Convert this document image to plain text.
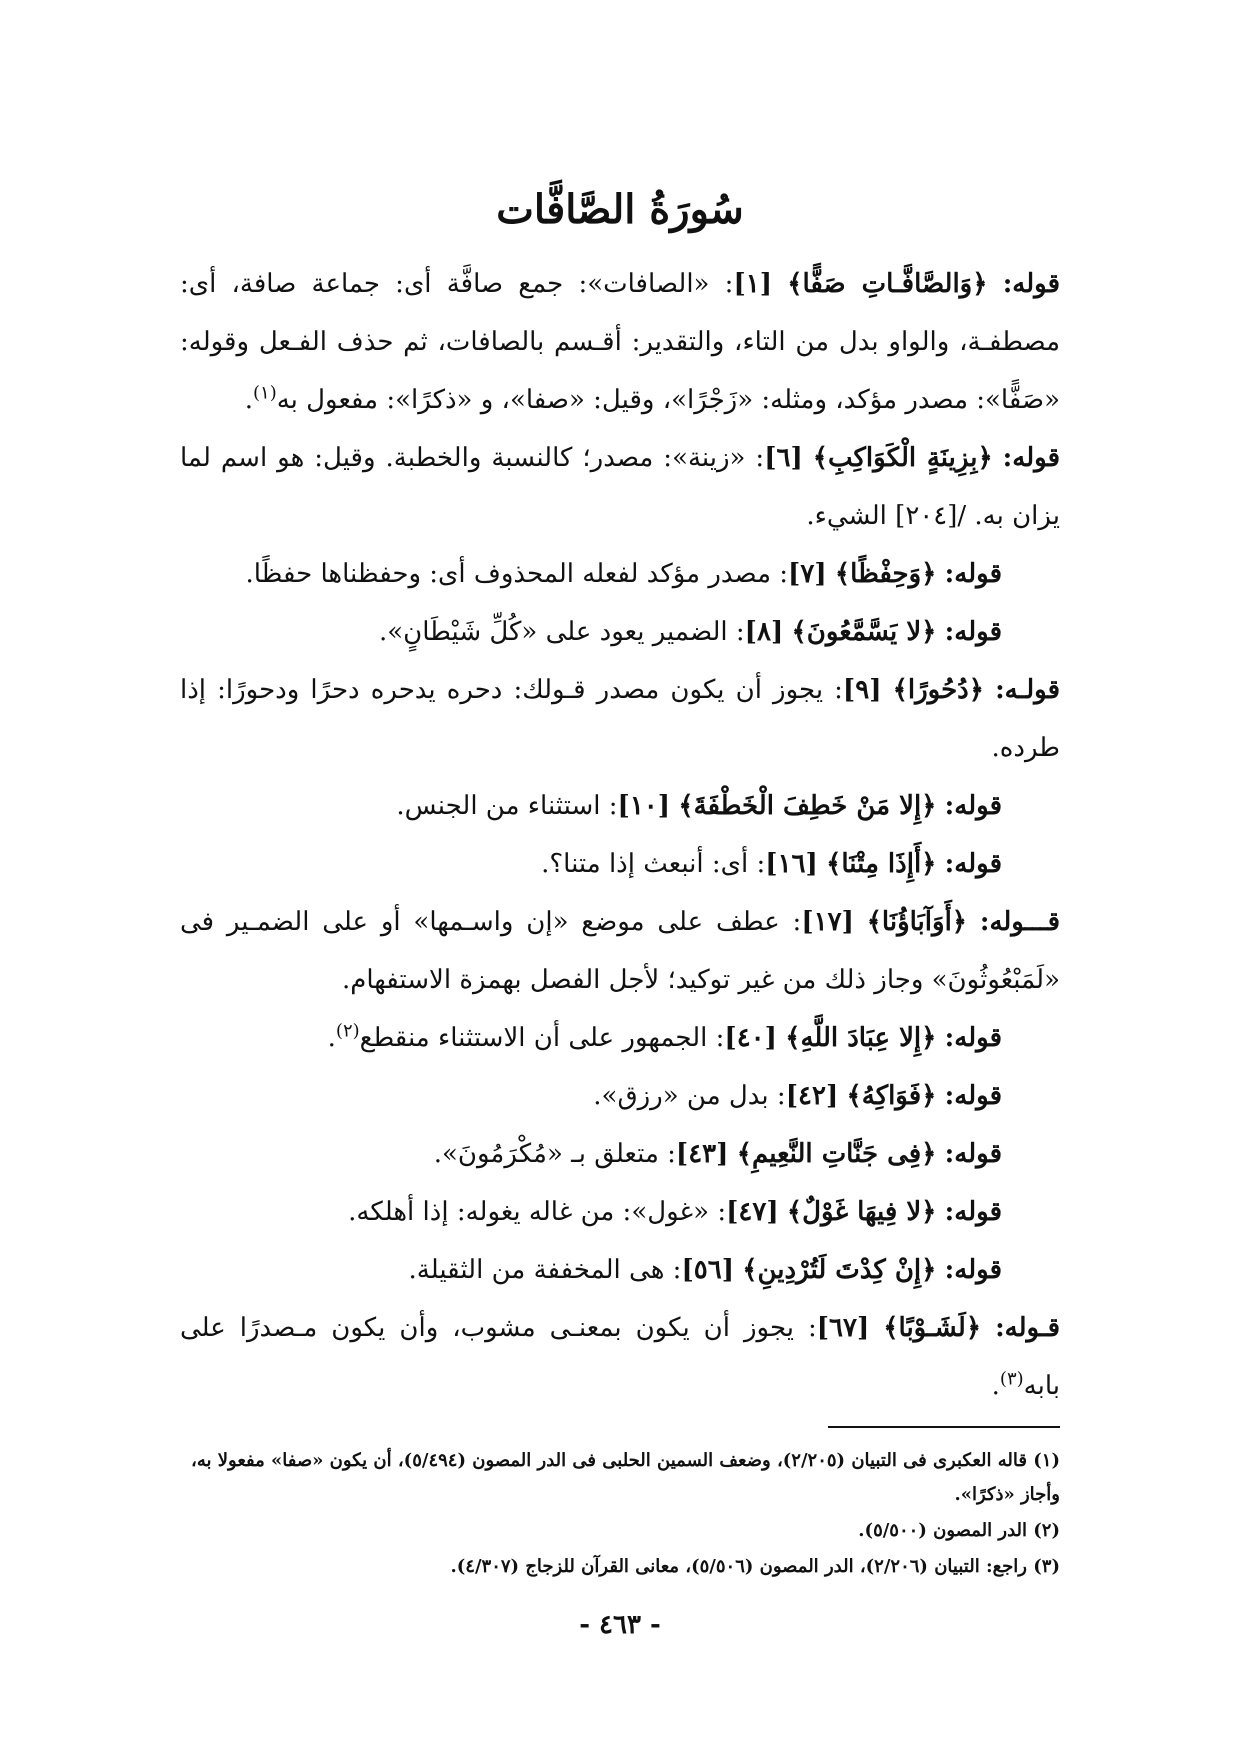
سُورَةُ الصَّافَّات

قوله: ﴿وَالصَّافَّـاتِ صَفًّا﴾ [١]: «الصافات»: جمع صافَّة أى: جماعة صافة، أى: مصطفـة، والواو بدل من التاء، والتقدير: أقـسم بالصافات، ثم حذف الفـعل وقوله: «صَفًّا»: مصدر مؤكد، ومثله: «زَجْرًا»، وقيل: «صفا»، و «ذكرًا»: مفعول به$^{(١)}$.

قوله: ﴿بِزِينَةٍ الْكَوَاكِبِ﴾ [٦]: «زينة»: مصدر؛ كالنسبة والخطبة. وقيل: هو اسم لما يزان به. /[٢٠٤] الشيء.

قوله: ﴿وَحِفْظًا﴾ [٧]: مصدر مؤكد لفعله المحذوف أى: وحفظناها حفظًا.

قوله: ﴿لا يَسَّمَّعُونَ﴾ [٨]: الضمير يعود على «كُلِّ شَيْطَانٍ».

قولـه: ﴿دُحُورًا﴾ [٩]: يجوز أن يكون مصدر قـولك: دحره يدحره دحرًا ودحورًا: إذا طرده.

قوله: ﴿إِلا مَنْ خَطِفَ الْخَطْفَةَ﴾ [١٠]: استثناء من الجنس.

قوله: ﴿أَإِذَا مِتْنَا﴾ [١٦]: أى: أنبعث إذا متنا؟.

قـــوله: ﴿أَوَآبَاؤُنَا﴾ [١٧]: عطف على موضع «إن واسـمها» أو على الضمـير فى «لَمَبْعُوثُونَ» وجاز ذلك من غير توكيد؛ لأجل الفصل بهمزة الاستفهام.

قوله: ﴿إِلا عِبَادَ اللَّهِ﴾ [٤٠]: الجمهور على أن الاستثناء منقطع$^{(٢)}$.

قوله: ﴿فَوَاكِهُ﴾ [٤٢]: بدل من «رزق».

قوله: ﴿فِى جَنَّاتِ النَّعِيمِ﴾ [٤٣]: متعلق بـ «مُكْرَمُونَ».

قوله: ﴿لا فِيهَا غَوْلٌ﴾ [٤٧]: «غول»: من غاله يغوله: إذا أهلكه.

قوله: ﴿إِنْ كِدْتَ لَتُرْدِينِ﴾ [٥٦]: هى المخففة من الثقيلة.

قـوله: ﴿لَشَـوْبًا﴾ [٦٧]: يجوز أن يكون بمعنـى مشوب، وأن يكون مـصدرًا على بابه$^{(٣)}$.

(١) قاله العكبرى فى التبيان (٢/٢٠٥)، وضعف السمين الحلبى فى الدر المصون (٥/٤٩٤)، أن يكون «صفا» مفعولا به، وأجاز «ذكرًا».

(٢) الدر المصون (٥/٥٠٠).

(٣) راجع: التبيان (٢/٢٠٦)، الدر المصون (٥/٥٠٦)، معانى القرآن للزجاج (٤/٣٠٧).

- ٤٦٣ -
